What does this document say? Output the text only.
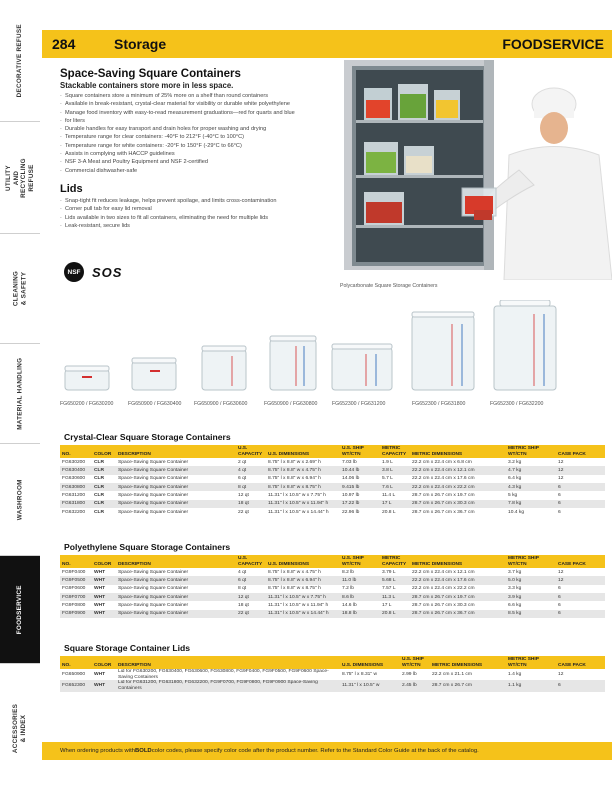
DECORATIVE REFUSE
UTILITY AND RECYCLING REFUSE
CLEANING & SAFETY
MATERIAL HANDLING
WASHROOM
FOODSERVICE
ACCESSORIES & INDEX
284	Storage	FOODSERVICE
Space-Saving Square Containers
Stackable containers store more in less space.
· Square containers store a minimum of 25% more on a shelf than round containers
· Available in break-resistant, crystal-clear material for visibility or durable white polyethylene
· Manage food inventory with easy-to-read measurement graduations—red for quarts and blue
· for liters
· Durable handles for easy transport and drain holes for proper washing and drying
· Temperature range for clear containers: -40°F to 212°F (-40°C to 100°C)
· Temperature range for white containers: -20°F to 150°F (-29°C to 66°C)
· Assists in complying with HACCP guidelines
· NSF 3-A Meat and Poultry Equipment and NSF 2-certified
· Commercial dishwasher-safe
Lids
· Snap-tight fit reduces leakage, helps prevent spoilage, and limits cross-contamination
· Corner pull tab for easy lid removal
· Lids available in two sizes to fit all containers, eliminating the need for multiple lids
· Leak-resistant, secure lids
NSF SOS
Polycarbonate Square Storage Containers
FG650200 / FG630200	FG650900 / FG630400 FG650900 / FG630600	FG650900 / FG630800	FG652300 / FG631200	FG652300 / FG631800	FG652300 / FG632200
Crystal-Clear Square Storage Containers
NO.	COLOR	DESCRIPTION	U.S. CAPACITY	U.S. DIMENSIONS	U.S. SHIP WT/CTN	METRIC CAPACITY	METRIC DIMENSIONS	METRIC SHIP WT/CTN	CASE PACK
FG630200	CLR	Space-Saving Square Container	2 qt	8.75" l x 8.8" w x 2.69" h	7.03 lb	1.9 L	22.2 cm x 22.4 cm x 6.8 cm	3.2 kg	12
FG630400	CLR	Space-Saving Square Container	4 qt	8.75" l x 8.8" w x 4.75" h	10.44 lb	3.8 L	22.2 cm x 22.4 cm x 12.1 cm	4.7 kg	12
FG630600	CLR	Space-Saving Square Container	6 qt	8.75" l x 8.8" w x 6.94" h	14.06 lb	5.7 L	22.2 cm x 22.4 cm x 17.6 cm	6.4 kg	12
FG630800	CLR	Space-Saving Square Container	8 qt	8.75" l x 8.8" w x 8.75" h	9.415 lb	7.6 L	22.2 cm x 22.4 cm x 22.2 cm	4.3 kg	6
FG631200	CLR	Space-Saving Square Container	12 qt	11.31" l x 10.5" w x 7.75" h	10.97 lb	11.4 L	28.7 cm x 26.7 cm x 19.7 cm	5 kg	6
FG631800	CLR	Space-Saving Square Container	18 qt	11.31" l x 10.5" w x 11.94" h	17.22 lb	17 L	28.7 cm x 26.7 cm x 30.3 cm	7.8 kg	6
FG632200	CLR	Space-Saving Square Container	22 qt	11.31" l x 10.5" w x 14.44" h	22.96 lb	20.8 L	28.7 cm x 26.7 cm x 36.7 cm	10.4 kg	6
Polyethylene Square Storage Containers
NO.	COLOR	DESCRIPTION	U.S. CAPACITY	U.S. DIMENSIONS	U.S. SHIP WT/CTN	METRIC CAPACITY	METRIC DIMENSIONS	METRIC SHIP WT/CTN	CASE PACK
FG9F0400	WHT	Space-Saving Square Container	4 qt	8.75" l x 8.8" w x 4.75" h	8.2 lb	3.79 L	22.2 cm x 22.4 cm x 12.1 cm	3.7 kg	12
FG9F0500	WHT	Space-Saving Square Container	6 qt	8.75" l x 8.8" w x 6.94" h	11.0 lb	5.68 L	22.2 cm x 22.4 cm x 17.6 cm	5.0 kg	12
FG9F0600	WHT	Space-Saving Square Container	8 qt	8.75" l x 8.8" w x 8.75" h	7.2 lb	7.57 L	22.2 cm x 22.4 cm x 22.2 cm	3.3 kg	6
FG9F0700	WHT	Space-Saving Square Container	12 qt	11.31" l x 10.5" w x 7.75" h	8.6 lb	11.3 L	28.7 cm x 26.7 cm x 19.7 cm	3.9 kg	6
FG9F0800	WHT	Space-Saving Square Container	18 qt	11.31" l x 10.5" w x 11.94" h	14.6 lb	17 L	28.7 cm x 26.7 cm x 30.3 cm	6.6 kg	6
FG9F0900	WHT	Space-Saving Square Container	22 qt	11.31" l x 10.5" w x 14.44" h	18.8 lb	20.8 L	28.7 cm x 26.7 cm x 36.7 cm	8.5 kg	6
Square Storage Container Lids
NO.	COLOR	DESCRIPTION	U.S. DIMENSIONS	U.S. SHIP WT/CTN	METRIC DIMENSIONS	METRIC SHIP WT/CTN	CASE PACK
FG650900	WHT	Lid for FG630200, FG630400, FG630600, FG630800, FG9F0400, FG9F0500, FG9F0600 Space-Saving Containers	8.75" l x 8.31" w	2.99 lb	22.2 cm x 21.1 cm	1.4 kg	12
FG652300	WHT	Lid for FG631200, FG631800, FG632200, FG9F0700, FG9F0800, FG9F0900 Space-Saving Containers	11.31" l x 10.5" w	2.45 lb	28.7 cm x 26.7 cm	1.1 kg	6
When ordering products with BOLD color codes, please specify color code after the product number. Refer to the Standard Color Guide at the back of the catalog.
